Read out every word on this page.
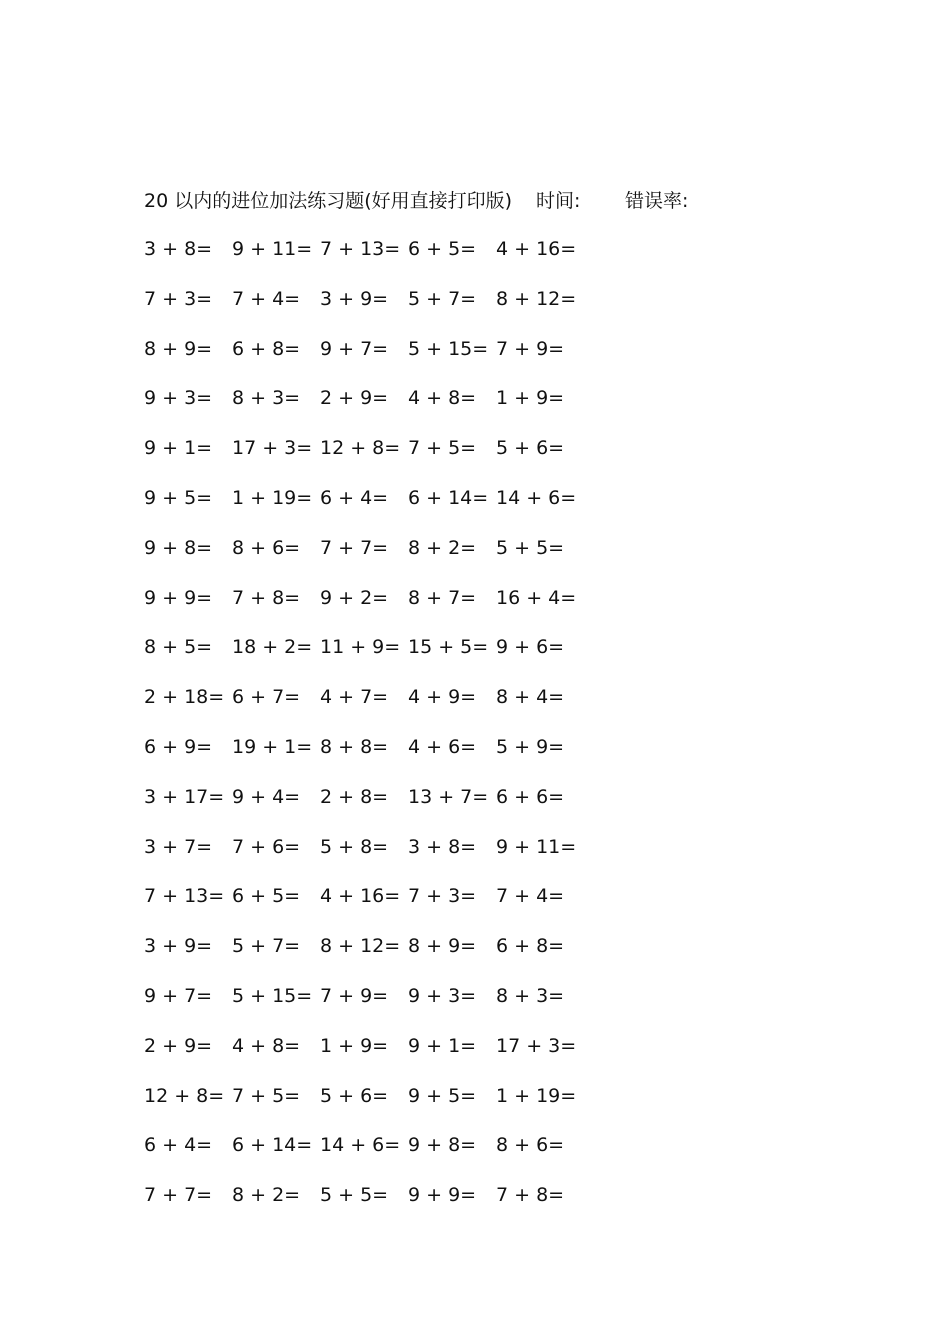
20 以内的进位加法练习题(好用直接打印版) 时间: 错误率:
3 + 8= 9 + 11= 7 + 13= 6 + 5= 4 + 16=
7 + 3= 7 + 4= 3 + 9= 5 + 7= 8 + 12=
8 + 9= 6 + 8= 9 + 7= 5 + 15= 7 + 9=
9 + 3= 8 + 3= 2 + 9= 4 + 8= 1 + 9=
9 + 1= 17 + 3= 12 + 8= 7 + 5= 5 + 6=
9 + 5= 1 + 19= 6 + 4= 6 + 14= 14 + 6=
9 + 8= 8 + 6= 7 + 7= 8 + 2= 5 + 5=
9 + 9= 7 + 8= 9 + 2= 8 + 7= 16 + 4=
8 + 5= 18 + 2= 11 + 9= 15 + 5= 9 + 6=
2 + 18= 6 + 7= 4 + 7= 4 + 9= 8 + 4=
6 + 9= 19 + 1= 8 + 8= 4 + 6= 5 + 9=
3 + 17= 9 + 4= 2 + 8= 13 + 7= 6 + 6=
3 + 7= 7 + 6= 5 + 8= 3 + 8= 9 + 11=
7 + 13= 6 + 5= 4 + 16= 7 + 3= 7 + 4=
3 + 9= 5 + 7= 8 + 12= 8 + 9= 6 + 8=
9 + 7= 5 + 15= 7 + 9= 9 + 3= 8 + 3=
2 + 9= 4 + 8= 1 + 9= 9 + 1= 17 + 3=
12 + 8= 7 + 5= 5 + 6= 9 + 5= 1 + 19=
6 + 4= 6 + 14= 14 + 6= 9 + 8= 8 + 6=
7 + 7= 8 + 2= 5 + 5= 9 + 9= 7 + 8=
